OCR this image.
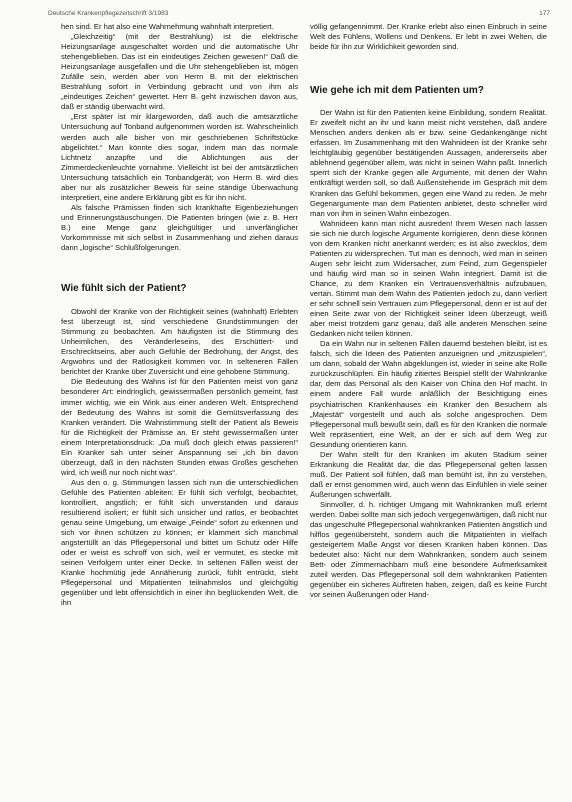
Deutsche Krankenpflegezeitschrift 3/1983	177

hen sind. Er hat also eine Wahrnehmung wahnhaft interpretiert.

„Gleichzeitig“ (mit der Bestrahlung) ist die elektrische Heizungsanlage ausgeschaltet worden und die automatische Uhr stehengeblieben. Das ist ein eindeutiges Zeichen gewesen!“ Daß die Heizungsanlage ausgefallen und die Uhr stehengeblieben ist, mögen Zufälle sein, werden aber von Herrn B. mit der elektrischen Bestrahlung sofort in Verbindung gebracht und von ihm als „eindeutiges Zeichen“ gewertet. Herr B. geht inzwischen davon aus, daß er ständig überwacht wird.

„Erst später ist mir klargeworden, daß auch die amtsärztliche Untersuchung auf Tonband aufgenommen worden ist. Wahrscheinlich werden auch alle bisher von mir geschriebenen Schriftstücke abgelichtet.“ Man könnte dies sogar, indem man das normale Lichtnetz anzapfte und die Ablichtungen aus der Zimmerdeckenleuchte vornahme. Vielleicht ist bei der amtsärztlichen Untersuchung tatsächlich ein Tonbandgerät; von Herrn B. wird dies aber nur als zusätzlicher Beweis für seine ständige Überwachung interpretiert, eine andere Erklärung gibt es für ihn nicht.

Als falsche Prämissen finden sich krankhafte Eigenbeziehungen und Erinnerungstäuschungen. Die Patienten bringen (wie z. B. Herr B.) eine Menge ganz gleichgültiger und unverfänglicher Vorkommnisse mit sich selbst in Zusammenhang und ziehen daraus dann „logische“ Schlußfolgerungen.

Wie fühlt sich der Patient?

Obwohl der Kranke von der Richtigkeit seines (wahnhaft) Erlebten fest überzeugt ist, sind verschiedene Grundstimmungen der Stimmung zu beobachten. Am häufigsten ist die Stimmung des Unheimlichen, des Veränderleseins, des Erschüttert- und Erschrecktseins, aber auch Gefühle der Bedrohung, der Angst, des Argwohns und der Ratlosigkeit kommen vor. In selteneren Fällen berichtet der Kranke über Zuversicht und eine gehobene Stimmung.

Die Bedeutung des Wahns ist für den Patienten meist von ganz besonderer Art: eindringlich, gewissermaßen persönlich gemeint, fast immer wichtig, wie ein Wink aus einer anderen Welt. Entsprechend der Bedeutung des Wahns ist somit die Gemütsverfassung des Kranken verändert. Die Wahnstimmung stellt der Patient als Beweis für die Richtigkeit der Prämisse an. Er steht gewissermaßen unter einem Interpretationsdruck: „Da muß doch gleich etwas passieren!“ Ein Kranker sah unter seiner Anspannung sei „ich bin davon überzeugt, daß in den nächsten Stunden etwas Großes geschehen wird, ich weiß nur noch nicht was“.

Aus den o. g. Stimmungen lassen sich nun die unterschiedlichen Gefühle des Patienten ableiten: Er fühlt sich verfolgt, beobachtet, kontrolliert, angstlich; er fühlt sich unverstanden und daraus resultierend isoliert; er fühlt sich unsicher und ratlos, er beobachtet genau seine Umgebung, um etwaige „Feinde“ sofort zu erkennen und sich vor ihnen schützen zu können; er klammert sich manchmal angstertüllt an das Pflegepersonal und bittet um Schutz oder Hilfe oder er weist es schroff von sich, weil er vermutet, es stecke mit seinen Verfolgern unter einer Decke. In seltenen Fällen weist der Kranke hochmütig jede Annäherung zurück, fühlt entrückt, steht Pflegepersonal und Mitpatienten teilnahmslos und gleichgültig gegenüber und lebt offensichtlich in einer ihn beglückenden Welt, die ihn

völlig gefangennimmt. Der Kranke erlebt also einen Einbruch in seine Welt des Fühlens, Wollens und Denkens. Er lebt in zwei Welten, die beide für ihn zur Wirklichkeit geworden sind.

Wie gehe ich mit dem Patienten um?

Der Wahn ist für den Patienten keine Einbildung, sondern Realität. Er zweifelt nicht an ihr und kann meist nicht verstehen, daß andere Menschen anders denken als er bzw. seine Gedankengänge nicht erfassen. Im Zusammenhang mit den Wahnideen ist der Kranke sehr leichtgläubig gegenüber bestätigenden Aussagen, andererseits aber ablehnend gegenüber allem, was nicht in seinen Wahn paßt. Innerlich sperrt sich der Kranke gegen alle Argumente, mit denen der Wahn entkräftigt werden soll, so daß Außenstehende im Gespräch mit dem Kranken das Gefühl bekommen, gegen eine Wand zu reden. Je mehr Gegenargumente man dem Patienten anbietet, desto schneller wird man von ihm in seinen Wahn einbezogen.

Wahnideen kann man nicht ausreden! Ihrem Wesen nach lassen sie sich nie durch logische Argumente korrigieren, denn diese können von dem Kranken nicht anerkannt werden; es ist also zwecklos, dem Patienten zu widersprechen. Tut man es dennoch, wird man in seinen Augen sehr leicht zum Widersacher, zum Feind, zum Gegenspieler und häufig wird man so in seinen Wahn integriert. Damit ist die Chance, zu dem Kranken ein Vertrauensverhältnis aufzubauen, vertan. Stimmt man dem Wahn des Patienten jedoch zu, dann verliert er sehr schnell sein Vertrauen zum Pflegepersonal, denn er ist auf der einen Seite zwar von der Richtigkeit seiner Ideen überzeugt, weiß aber meist trotzdem ganz genau, daß alle anderen Menschen seine Gedanken nicht teilen können.

Da ein Wahn nur in seltenen Fällen dauernd bestehen bleibt, ist es falsch, sich die Ideen des Patienten anzueignen und „mitzuspielen“, um dann, sobald der Wahn abgeklungen ist, wieder in seine alte Rolle zurückzuschlüpfen. Ein häufig zitiertes Beispiel stellt der Wahnkranke dar, dem das Personal als den Kaiser von China den Hof macht. In einem andere Fall wurde anläßlich der Besichtigung eines psychiatrischen Krankenhauses ein Kranker den Besuchern als „Majestät“ vorgestellt und auch als solche angesprochen. Dem Pflegepersonal muß bewußt sein, daß es für den Kranken die normale Welt repräsentiert, eine Welt, an der er sich auf dem Weg zur Gesundung orientieren kann.

Der Wahn stellt für den Kranken im akuten Stadium seiner Erkrankung die Realität dar, die das Pflegepersonal gelten lassen muß. Der Patient soll fühlen, daß man bemüht ist, ihn zu verstehen, daß er ernst genommen wird, auch wenn das Einfühlen in viele seiner Äußerungen schwerfällt.

Sinnvoller, d. h. richtiger Umgang mit Wahnkranken muß erlernt werden. Dabei sollte man sich jedoch vergegenwärtigen, daß nicht nur das ungeschulte Pflegepersonal wahnkranken Patienten ängstlich und hilflos gegenübersteht, sondern auch die Mitpatienten in vielfach gesteigertem Maße Angst vor diesen Kranken haben können. Das bedeutet also: Nicht nur dem Wahnkranken, sondern auch seinem Bett- oder Zimmernachbarn muß eine besondere Aufmerksamkeit zuteil werden. Das Pflegepersonal soll dem wahnkranken Patienten gegenüber ein sicheres Auftreten haben, zeigen, daß es keine Furcht vor seinen Äußerungen oder Hand-
